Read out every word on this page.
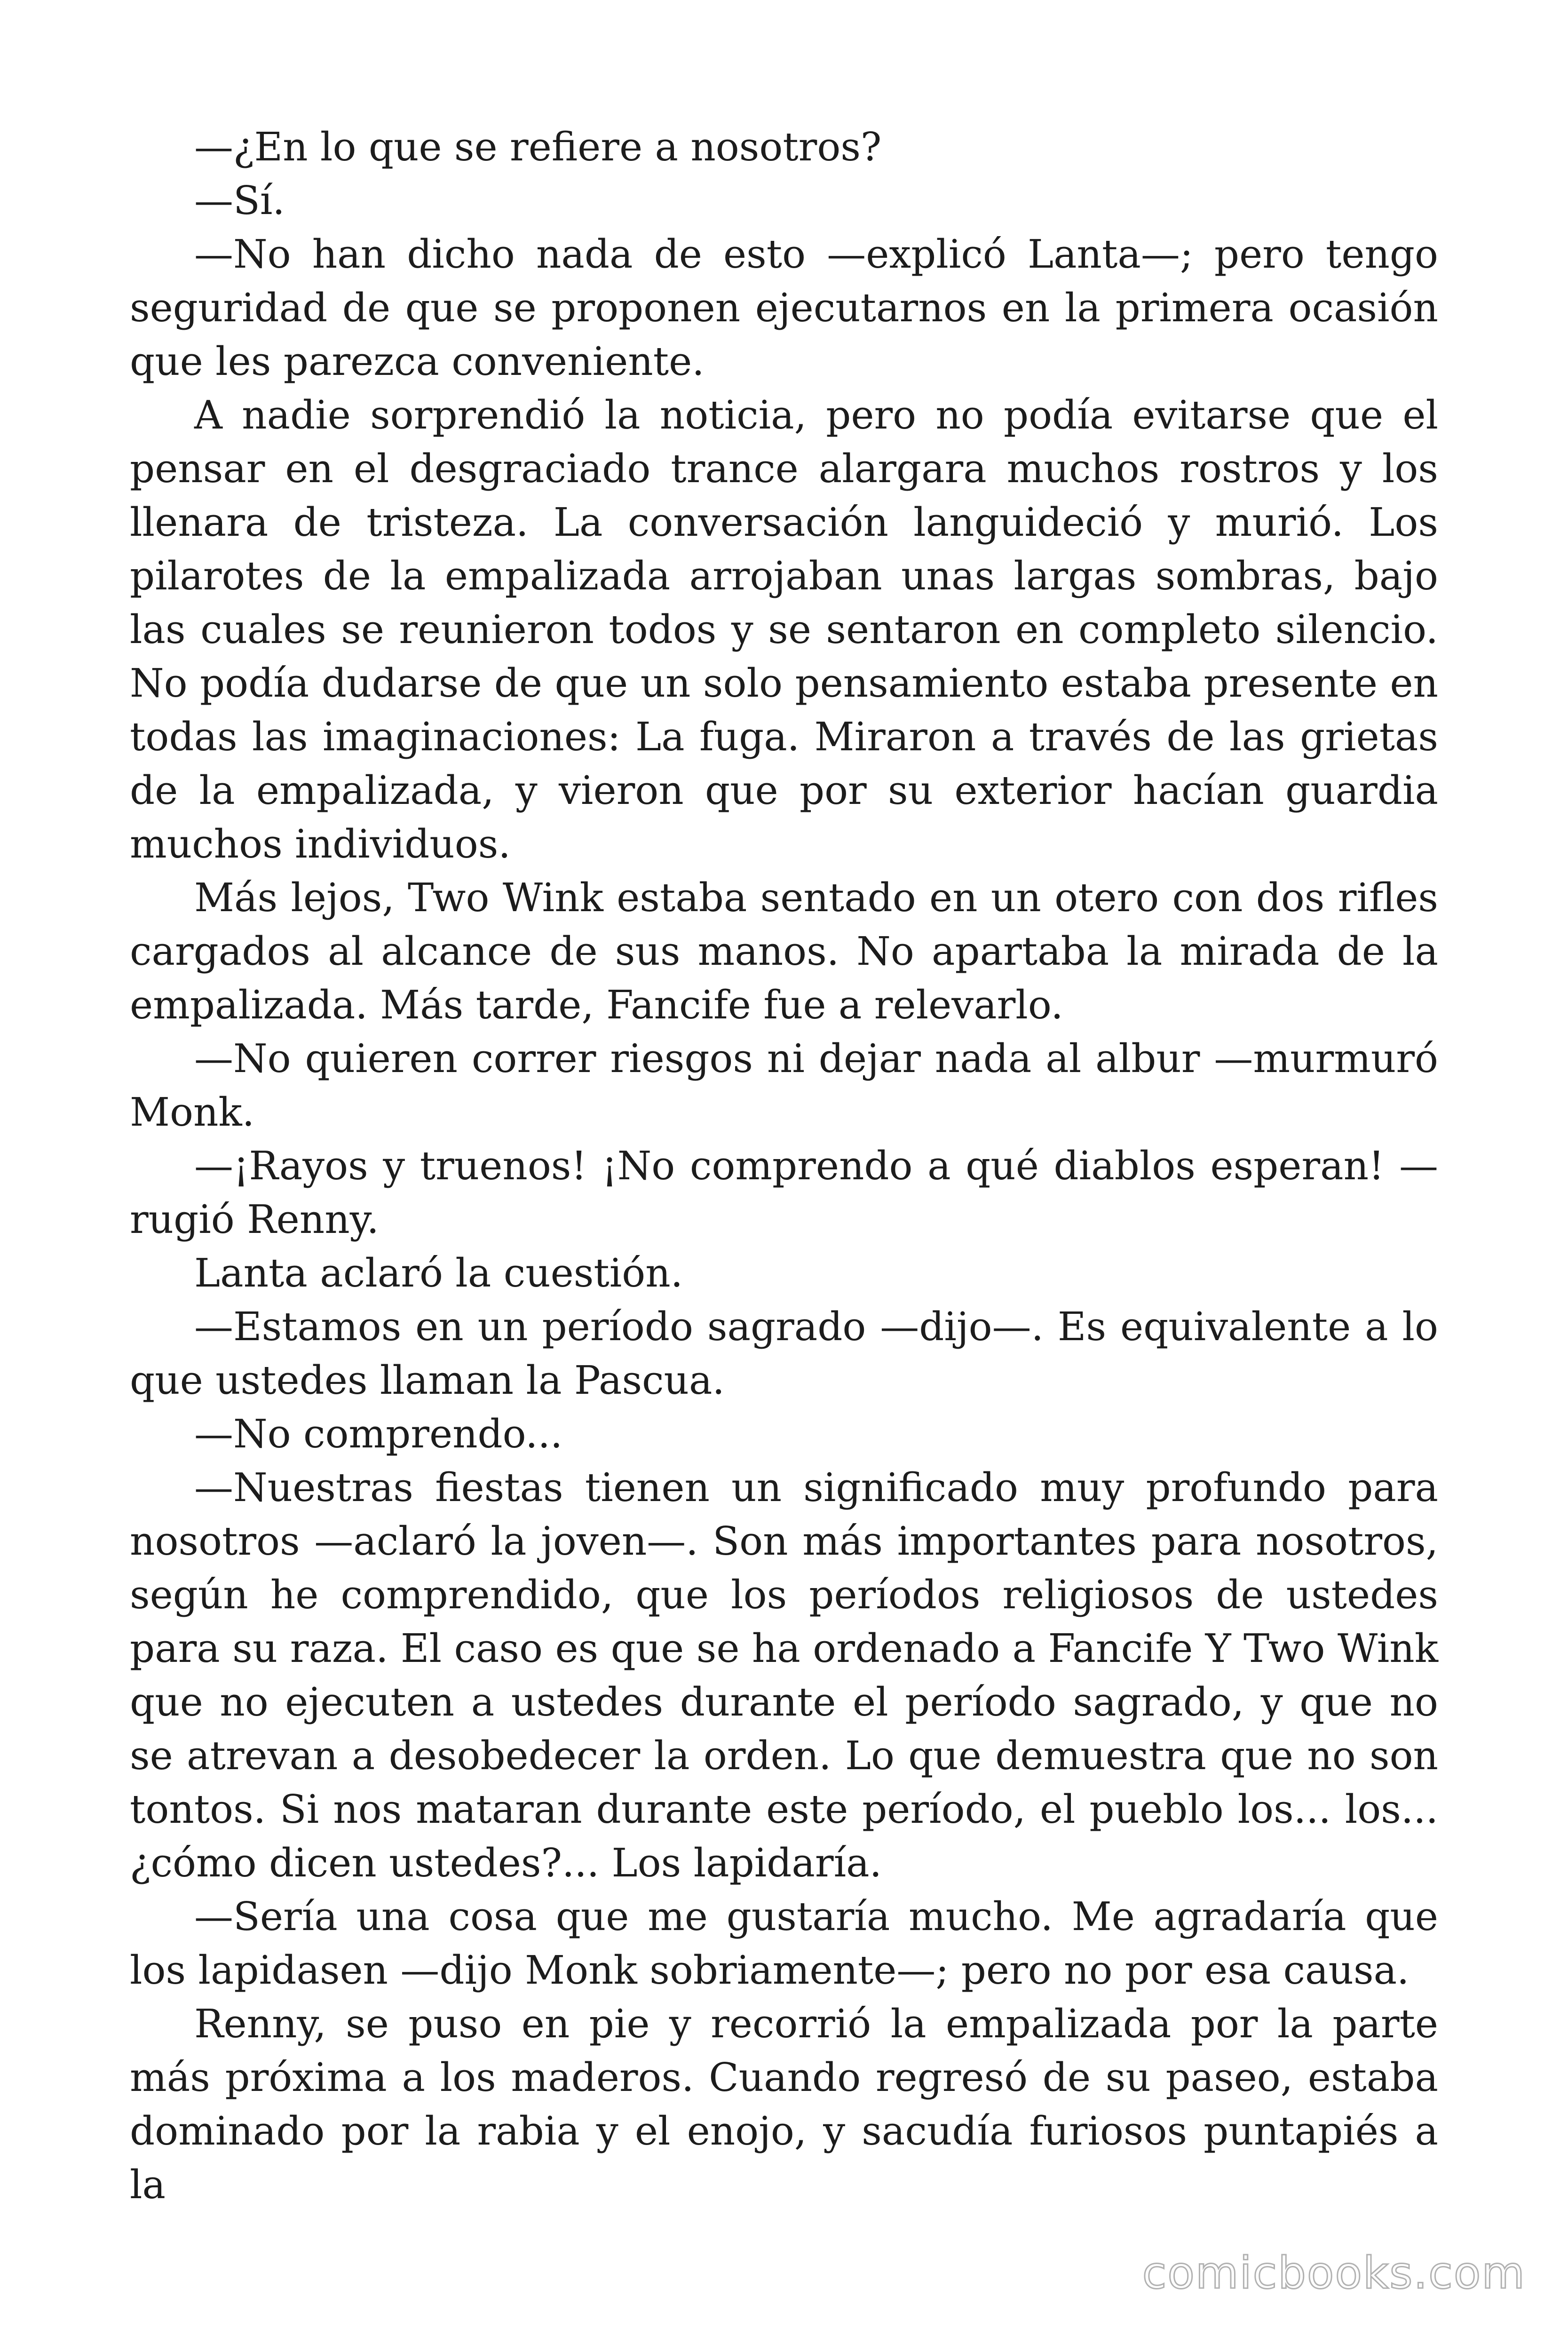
—¿En lo que se refiere a nosotros?

—Sí.

—No han dicho nada de esto —explicó Lanta—; pero tengo seguridad de que se proponen ejecutarnos en la primera ocasión que les parezca conveniente.

A nadie sorprendió la noticia, pero no podía evitarse que el pensar en el desgraciado trance alargara muchos rostros y los llenara de tristeza. La conversación languideció y murió. Los pilarotes de la empalizada arrojaban unas largas sombras, bajo las cuales se reunieron todos y se sentaron en completo silencio. No podía dudarse de que un solo pensamiento estaba presente en todas las imaginaciones: La fuga. Miraron a través de las grietas de la empalizada, y vieron que por su exterior hacían guardia muchos individuos.

Más lejos, Two Wink estaba sentado en un otero con dos rifles cargados al alcance de sus manos. No apartaba la mirada de la empalizada. Más tarde, Fancife fue a relevarlo.

—No quieren correr riesgos ni dejar nada al albur —murmuró Monk.

—¡Rayos y truenos! ¡No comprendo a qué diablos esperan! —rugió Renny.

Lanta aclaró la cuestión.

—Estamos en un período sagrado —dijo—. Es equivalente a lo que ustedes llaman la Pascua.

—No comprendo...

—Nuestras fiestas tienen un significado muy profundo para nosotros —aclaró la joven—. Son más importantes para nosotros, según he comprendido, que los períodos religiosos de ustedes para su raza. El caso es que se ha ordenado a Fancife Y Two Wink que no ejecuten a ustedes durante el período sagrado, y que no se atrevan a desobedecer la orden. Lo que demuestra que no son tontos. Si nos mataran durante este período, el pueblo los... los... ¿cómo dicen ustedes?... Los lapidaría.

—Sería una cosa que me gustaría mucho. Me agradaría que los lapidasen —dijo Monk sobriamente—; pero no por esa causa.

Renny, se puso en pie y recorrió la empalizada por la parte más próxima a los maderos. Cuando regresó de su paseo, estaba dominado por la rabia y el enojo, y sacudía furiosos puntapiés a la

comicbooks.com
